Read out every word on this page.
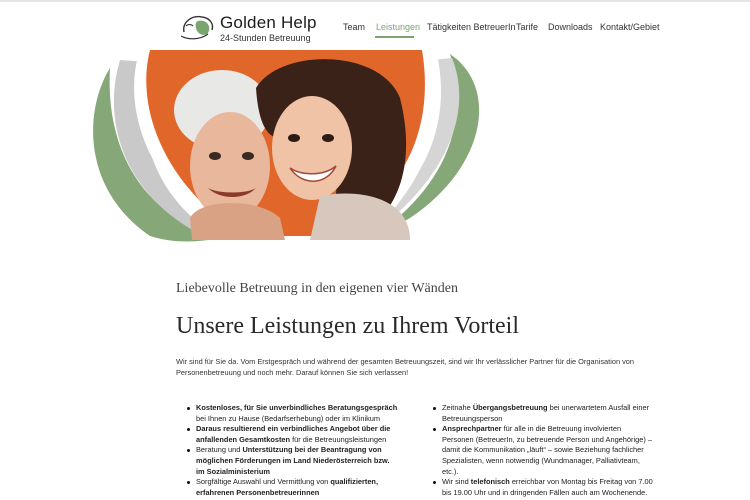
Golden Help
24-Stunden Betreuung
Team Leistungen Tätigkeiten BetreuerIn Tarife Downloads Kontakt/Gebiet
Liebevolle Betreuung in den eigenen vier Wänden
Unsere Leistungen zu Ihrem Vorteil
Wir sind für Sie da. Vom Erstgespräch und während der gesamten Betreuungszeit, sind wir Ihr verlässlicher Partner für die Organisation von Personenbetreuung und noch mehr. Darauf können Sie sich verlassen!
Kostenloses, für Sie unverbindliches Beratungsgespräch bei Ihnen zu Hause (Bedarfserhebung) oder im Klinikum
Daraus resultierend ein verbindliches Angebot über die anfallenden Gesamtkosten für die Betreuungsleistungen
Beratung und Unterstützung bei der Beantragung von möglichen Förderungen im Land Niederösterreich bzw. im Sozialministerium
Sorgfältige Auswahl und Vermittlung von qualifizierten, erfahrenen Personenbetreuerinnen
Zeitnahe Übergangsbetreuung bei unerwartetem Ausfall einer Betreuungsperson
Ansprechpartner für alle in die Betreuung involvierten Personen (BetreuerIn, zu betreuende Person und Angehörige) – damit die Kommunikation „läuft“ – sowie Beziehung fachlicher Spezialisten, wenn notwendig (Wundmanager, Palliativteam, etc.).
Wir sind telefonisch erreichbar von Montag bis Freitag von 7.00 bis 19.00 Uhr und in dringenden Fällen auch am Wochenende.
